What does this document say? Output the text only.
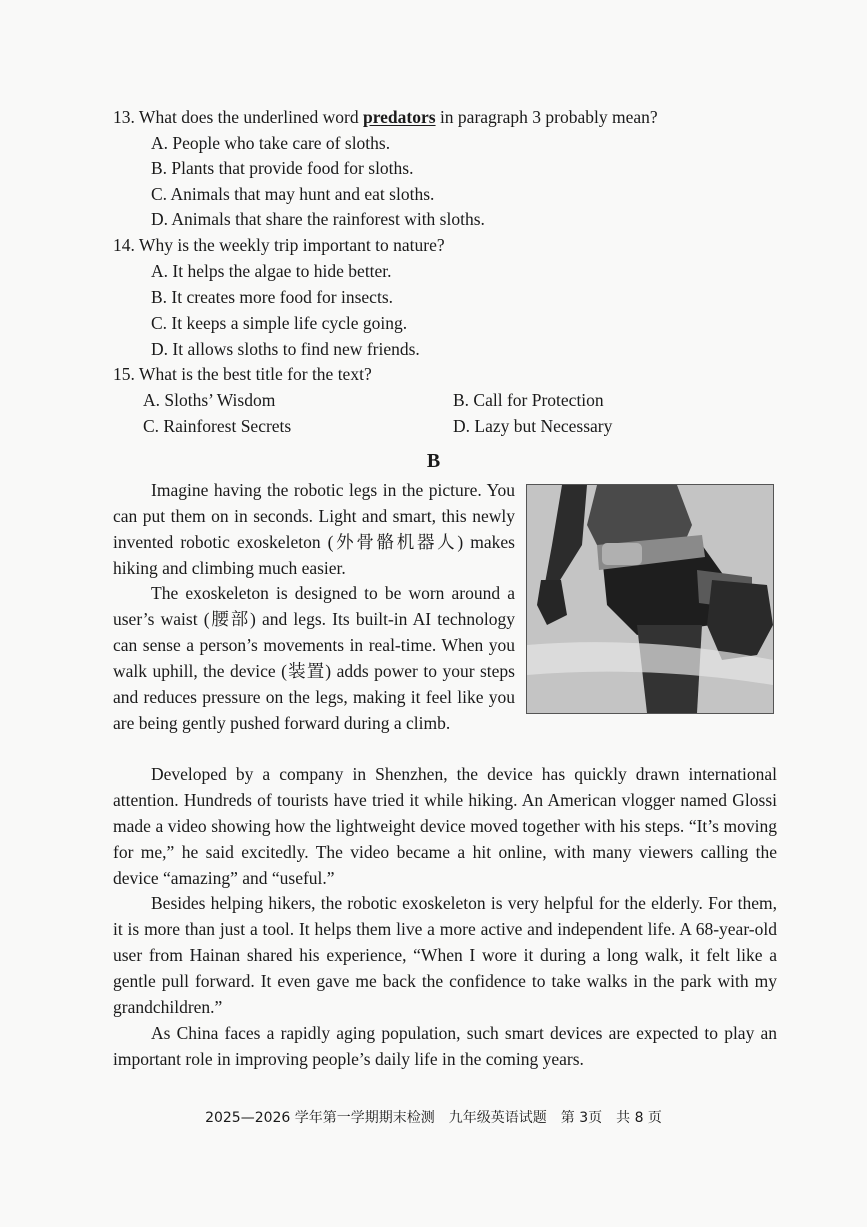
13. What does the underlined word predators in paragraph 3 probably mean?
A. People who take care of sloths.
B. Plants that provide food for sloths.
C. Animals that may hunt and eat sloths.
D. Animals that share the rainforest with sloths.
14. Why is the weekly trip important to nature?
A. It helps the algae to hide better.
B. It creates more food for insects.
C. It keeps a simple life cycle going.
D. It allows sloths to find new friends.
15. What is the best title for the text?
A. Sloths’ Wisdom	B. Call for Protection
C. Rainforest Secrets	D. Lazy but Necessary
B
Imagine having the robotic legs in the picture. You can put them on in seconds. Light and smart, this newly invented robotic exoskeleton (外骨骼机器人) makes hiking and climbing much easier.
The exoskeleton is designed to be worn around a user’s waist (腰部) and legs. Its built-in AI technology can sense a person’s movements in real-time. When you walk uphill, the device (装置) adds power to your steps and reduces pressure on the legs, making it feel like you are being gently pushed forward during a climb.
Developed by a company in Shenzhen, the device has quickly drawn international attention. Hundreds of tourists have tried it while hiking. An American vlogger named Glossi made a video showing how the lightweight device moved together with his steps. “It’s moving for me,” he said excitedly. The video became a hit online, with many viewers calling the device “amazing” and “useful.”
Besides helping hikers, the robotic exoskeleton is very helpful for the elderly. For them, it is more than just a tool. It helps them live a more active and independent life. A 68-year-old user from Hainan shared his experience, “When I wore it during a long walk, it felt like a gentle pull forward. It even gave me back the confidence to take walks in the park with my grandchildren.”
As China faces a rapidly aging population, such smart devices are expected to play an important role in improving people’s daily life in the coming years.
2025—2026 学年第一学期期末检测　九年级英语试题　第 3页　共 8 页
